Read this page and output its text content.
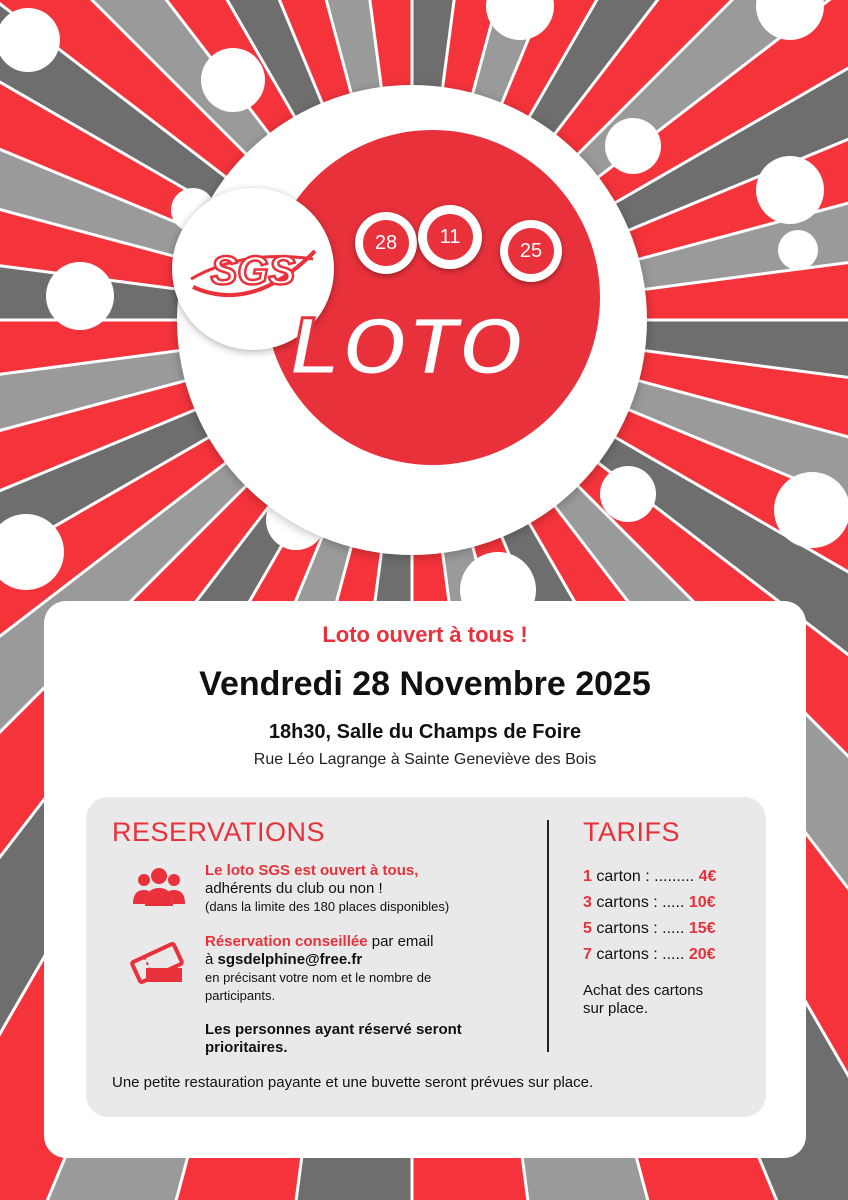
SGS
28	11
25
LOTO
Loto ouvert à tous !
Vendredi 28 Novembre 2025
18h30, Salle du Champs de Foire
Rue Léo Lagrange à Sainte Geneviève des Bois
RESERVATIONS
Le loto SGS est ouvert à tous,
adhérents du club ou non !
(dans la limite des 180 places disponibles)
Réservation conseillée par email
à sgsdelphine@free.fr
en précisant votre nom et le nombre de
participants.
Les personnes ayant réservé seront
prioritaires.
TARIFS
1 carton : ......... 4€
3 cartons : ..... 10€
5 cartons : ..... 15€
7 cartons : ..... 20€
Achat des cartons
sur place.
Une petite restauration payante et une buvette seront prévues sur place.
